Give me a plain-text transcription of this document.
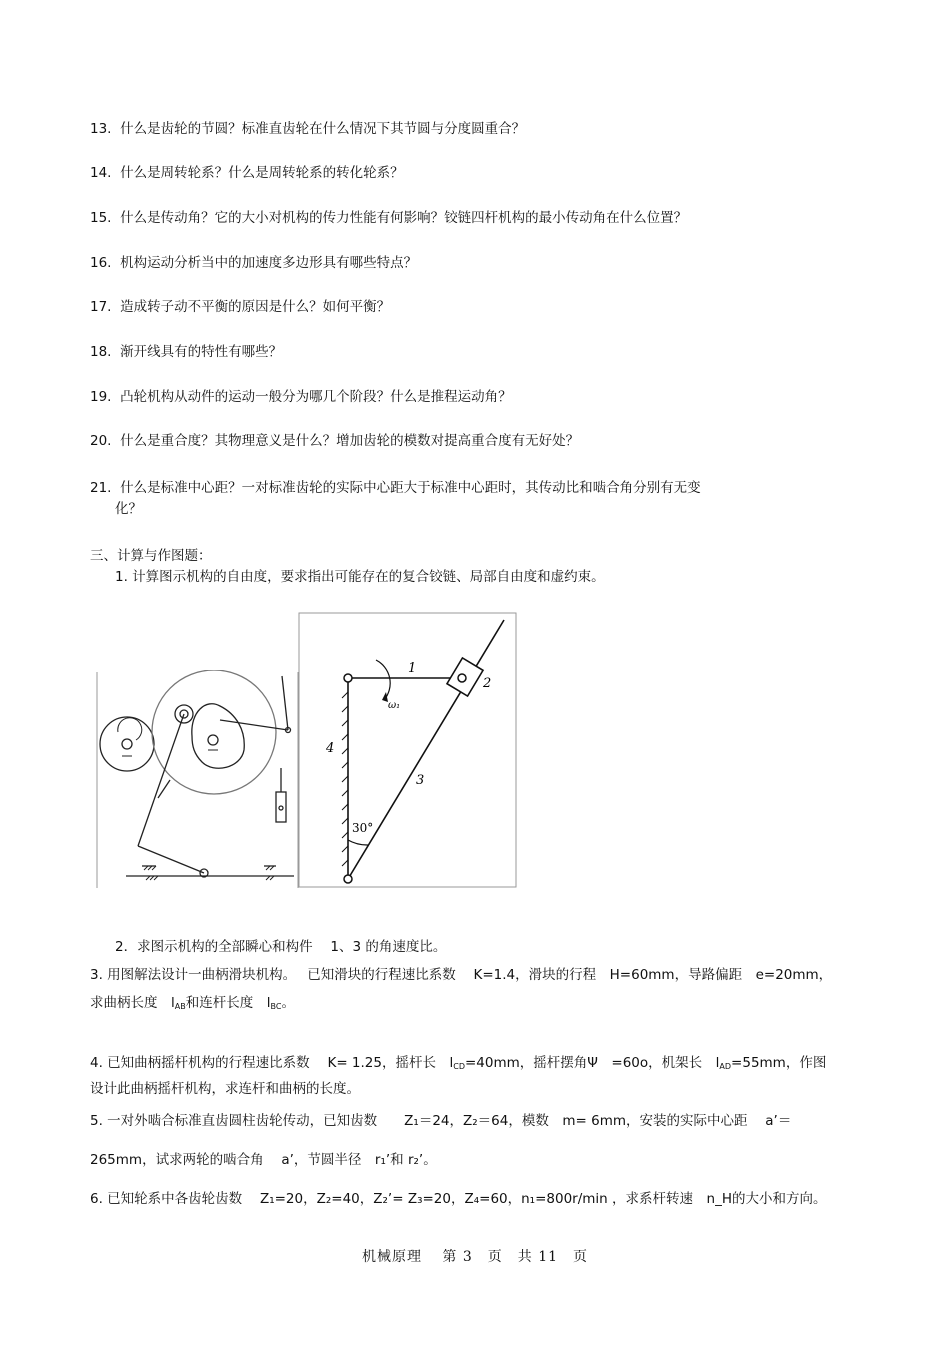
13. 什么是齿轮的节圆？标准直齿轮在什么情况下其节圆与分度圆重合？
14. 什么是周转轮系？什么是周转轮系的转化轮系？
15. 什么是传动角？它的大小对机构的传力性能有何影响？铰链四杆机构的最小传动角在什么位置？
16. 机构运动分析当中的加速度多边形具有哪些特点？
17. 造成转子动不平衡的原因是什么？如何平衡？
18. 渐开线具有的特性有哪些？
19. 凸轮机构从动件的运动一般分为哪几个阶段？什么是推程运动角？
20. 什么是重合度？其物理意义是什么？增加齿轮的模数对提高重合度有无好处？
21. 什么是标准中心距？一对标准齿轮的实际中心距大于标准中心距时，其传动比和啮合角分别有无变
化？
三、计算与作图题：
1. 计算图示机构的自由度，要求指出可能存在的复合铰链、局部自由度和虚约束。
1
2
3
4
ω₁
30°
2．求图示机构的全部瞬心和构件　 1、3 的角速度比。
3. 用图解法设计一曲柄滑块机构。　 已知滑块的行程速比系数　 K=1.4，滑块的行程　H=60mm，导路偏距　e=20mm，
求曲柄长度　$l_{AB}$和连杆长度　$l_{BC}$。
4. 已知曲柄摇杆机构的行程速比系数　 K= 1.25，摇杆长　$l_{CD}=40mm$，摇杆摆角Ψ　=60o，机架长　$l_{AD}=55mm$，作图
设计此曲柄摇杆机构，求连杆和曲柄的长度。
5. 一对外啮合标准直齿圆柱齿轮传动，已知齿数　　Z₁＝24，Z₂＝64，模数　m= 6mm，安装的实际中心距　 a’＝
265mm，试求两轮的啮合角　 a’，节圆半径　r₁’和 r₂’。
6. 已知轮系中各齿轮齿数　 Z₁=20，Z₂=40，Z₂’= Z₃=20，Z₄=60，n₁=800r/min ，求系杆转速　n_H的大小和方向。
机械原理　 第 3　页　共 11　页
